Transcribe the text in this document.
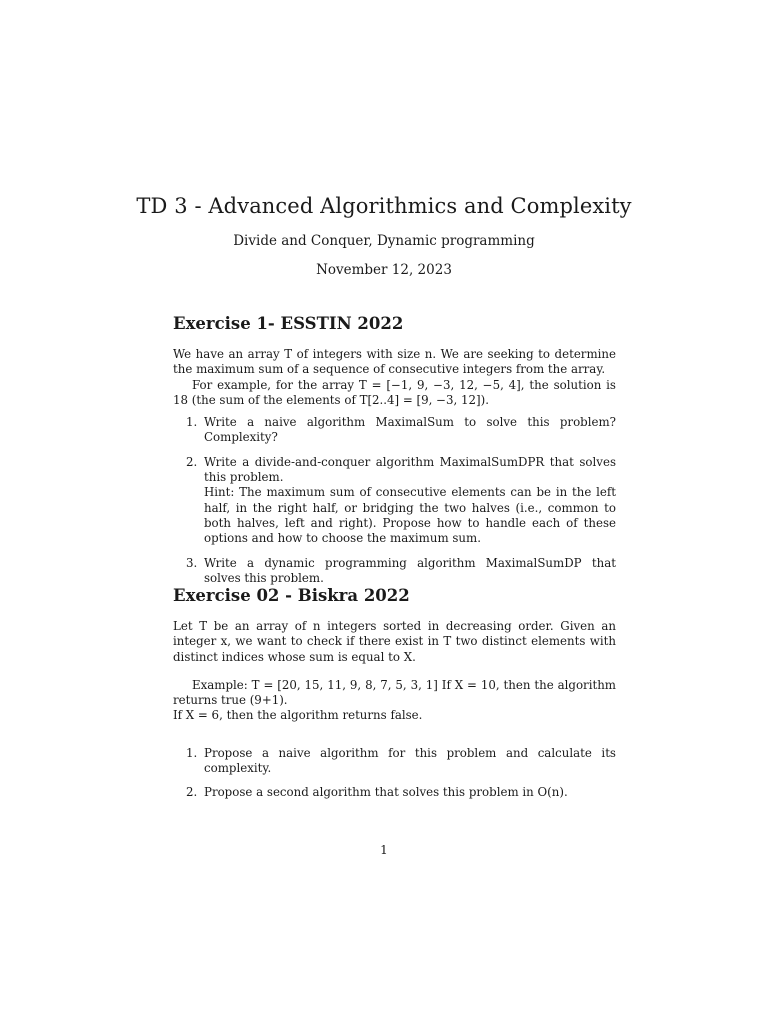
TD 3 - Advanced Algorithmics and Complexity
Divide and Conquer, Dynamic programming
November 12, 2023
Exercise 1- ESSTIN 2022

We have an array T of integers with size n. We are seeking to determine the maximum sum of a sequence of consecutive integers from the array.

For example, for the array T = [−1, 9, −3, 12, −5, 4], the solution is 18 (the sum of the elements of T[2..4] = [9, −3, 12]).

1. Write a naive algorithm MaximalSum to solve this problem? Complexity?
2. Write a divide-and-conquer algorithm MaximalSumDPR that solves this problem.
Hint: The maximum sum of consecutive elements can be in the left half, in the right half, or bridging the two halves (i.e., common to both halves, left and right). Propose how to handle each of these options and how to choose the maximum sum.
3. Write a dynamic programming algorithm MaximalSumDP that solves this problem.
Exercise 02 - Biskra 2022

Let T be an array of n integers sorted in decreasing order. Given an integer x, we want to check if there exist in T two distinct elements with distinct indices whose sum is equal to X.

Example: T = [20, 15, 11, 9, 8, 7, 5, 3, 1] If X = 10, then the algorithm returns true (9+1).

If X = 6, then the algorithm returns false.

1. Propose a naive algorithm for this problem and calculate its complexity.
2. Propose a second algorithm that solves this problem in O(n).
1
